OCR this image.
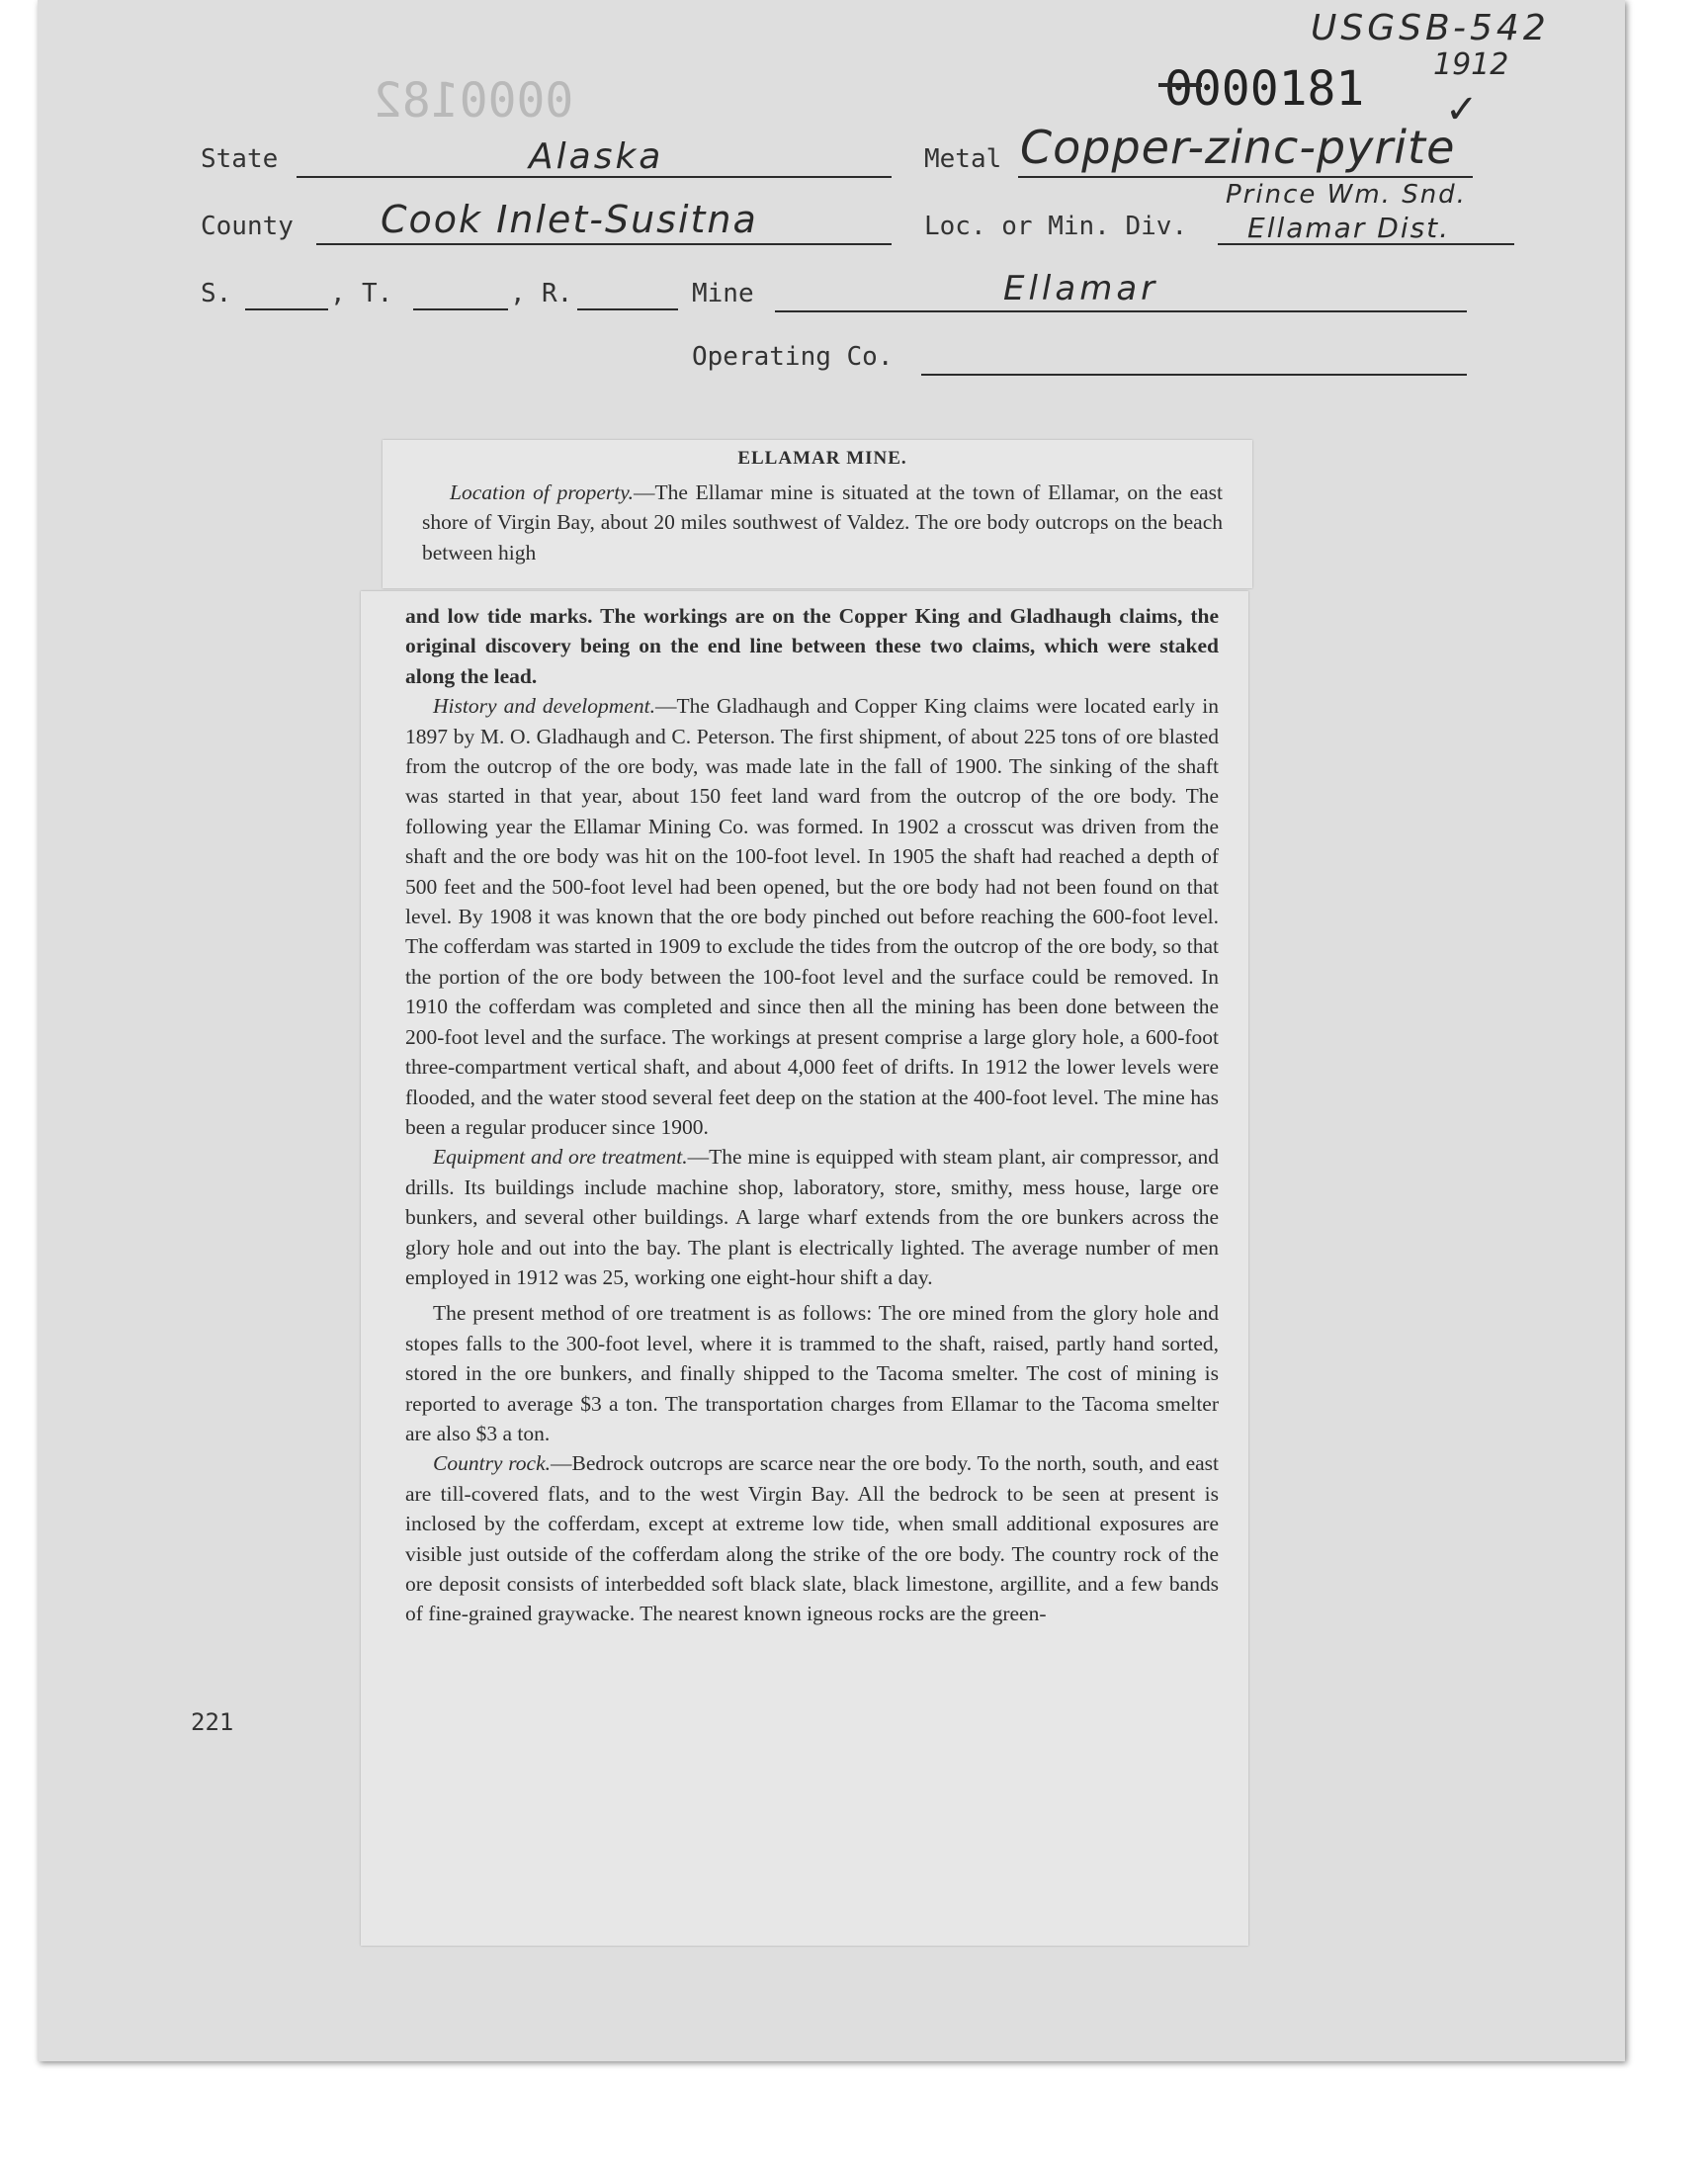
USGSB-542
1912
✓
0000182	0000181
State	Alaska	Metal Copper-zinc-pyrite
County Cook Inlet-Susitna	Loc. or Min. Div.
Prince Wm. Snd.
Ellamar Dist.
S.	, T.	, R.	Mine	Ellamar
Operating Co.
ELLAMAR MINE.

Location of property.—The Ellamar mine is situated at the town of Ellamar, on the east shore of Virgin Bay, about 20 miles southwest of Valdez. The ore body outcrops on the beach between high

and low tide marks. The workings are on the Copper King and Gladhaugh claims, the original discovery being on the end line between these two claims, which were staked along the lead.

History and development.—The Gladhaugh and Copper King claims were located early in 1897 by M. O. Gladhaugh and C. Peterson. The first shipment, of about 225 tons of ore blasted from the outcrop of the ore body, was made late in the fall of 1900. The sinking of the shaft was started in that year, about 150 feet land ward from the outcrop of the ore body. The following year the Ellamar Mining Co. was formed. In 1902 a crosscut was driven from the shaft and the ore body was hit on the 100-foot level. In 1905 the shaft had reached a depth of 500 feet and the 500-foot level had been opened, but the ore body had not been found on that level. By 1908 it was known that the ore body pinched out before reaching the 600-foot level. The cofferdam was started in 1909 to exclude the tides from the outcrop of the ore body, so that the portion of the ore body between the 100-foot level and the surface could be removed. In 1910 the cofferdam was completed and since then all the mining has been done between the 200-foot level and the surface. The workings at present comprise a large glory hole, a 600-foot three-compartment vertical shaft, and about 4,000 feet of drifts. In 1912 the lower levels were flooded, and the water stood several feet deep on the station at the 400-foot level. The mine has been a regular producer since 1900.

Equipment and ore treatment.—The mine is equipped with steam plant, air compressor, and drills. Its buildings include machine shop, laboratory, store, smithy, mess house, large ore bunkers, and several other buildings. A large wharf extends from the ore bunkers across the glory hole and out into the bay. The plant is electrically lighted. The average number of men employed in 1912 was 25, working one eight-hour shift a day.

The present method of ore treatment is as follows: The ore mined from the glory hole and stopes falls to the 300-foot level, where it is trammed to the shaft, raised, partly hand sorted, stored in the ore bunkers, and finally shipped to the Tacoma smelter. The cost of mining is reported to average $3 a ton. The transportation charges from Ellamar to the Tacoma smelter are also $3 a ton.

Country rock.—Bedrock outcrops are scarce near the ore body. To the north, south, and east are till-covered flats, and to the west Virgin Bay. All the bedrock to be seen at present is inclosed by the cofferdam, except at extreme low tide, when small additional exposures are visible just outside of the cofferdam along the strike of the ore body. The country rock of the ore deposit consists of interbedded soft black slate, black limestone, argillite, and a few bands of fine-grained graywacke. The nearest known igneous rocks are the green-

221
